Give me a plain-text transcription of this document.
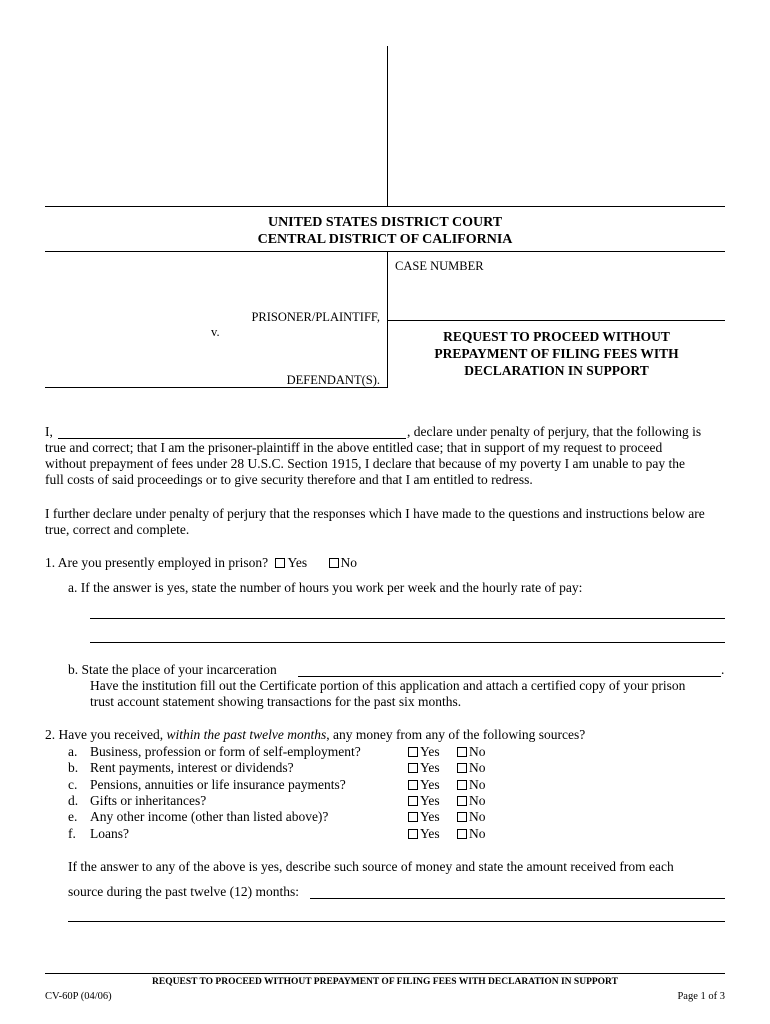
UNITED STATES DISTRICT COURT
CENTRAL DISTRICT OF CALIFORNIA
CASE NUMBER
PRISONER/PLAINTIFF,
v.
DEFENDANT(S).
REQUEST TO PROCEED WITHOUT
PREPAYMENT OF FILING FEES WITH
DECLARATION IN SUPPORT
I,	, declare under penalty of perjury, that the following is
true and correct; that I am the prisoner-plaintiff in the above entitled case; that in support of my request to proceed
without prepayment of fees under 28 U.S.C. Section 1915, I declare that because of my poverty I am unable to pay the
full costs of said proceedings or to give security therefore and that I am entitled to redress.
I further declare under penalty of perjury that the responses which I have made to the questions and instructions below are
true, correct and complete.
1. Are you presently employed in prison? Yes No
a. If the answer is yes, state the number of hours you work per week and the hourly rate of pay:
b. State the place of your incarceration	.
Have the institution fill out the Certificate portion of this application and attach a certified copy of your prison
trust account statement showing transactions for the past six months.
2. Have you received, within the past twelve months, any money from any of the following sources?
a. Business, profession or form of self-employment?	Yes	No
b. Rent payments, interest or dividends?	Yes	No
c. Pensions, annuities or life insurance payments?	Yes	No
d. Gifts or inheritances?	Yes	No
e. Any other income (other than listed above)?	Yes	No
f. Loans?	Yes	No
If the answer to any of the above is yes, describe such source of money and state the amount received from each
source during the past twelve (12) months:
REQUEST TO PROCEED WITHOUT PREPAYMENT OF FILING FEES WITH DECLARATION IN SUPPORT
CV-60P (04/06)	Page 1 of 3
